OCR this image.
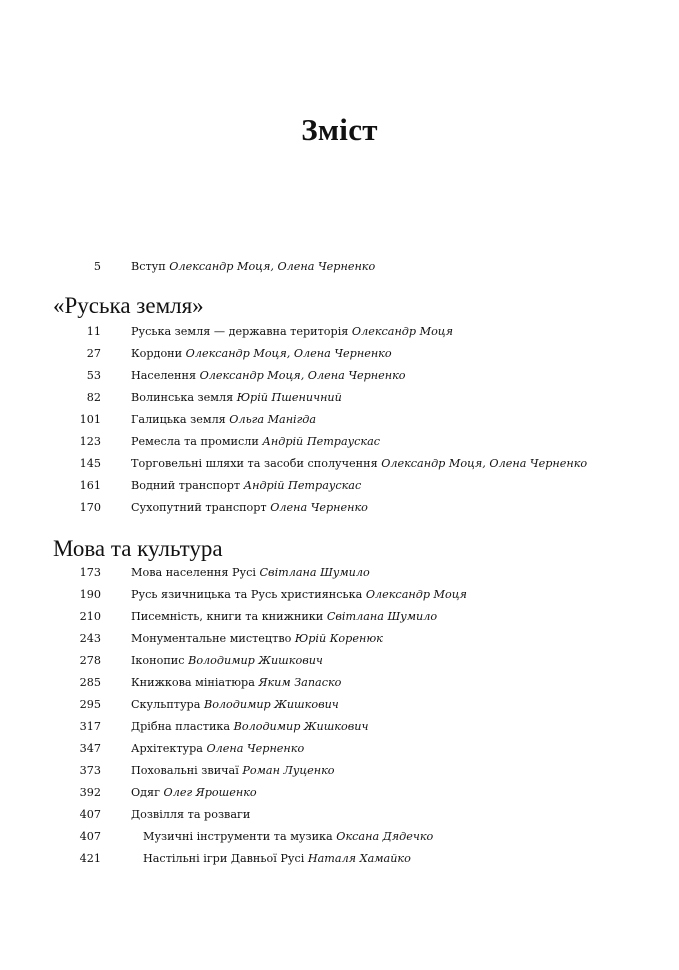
Зміст
5	Вступ Олександр Моця, Олена Черненко
«Руська земля»
11	Руська земля — державна територія Олександр Моця
27	Кордони Олександр Моця, Олена Черненко
53	Населення Олександр Моця, Олена Черненко
82	Волинська земля Юрій Пшеничний
101	Галицька земля Ольга Манігда
123	Ремесла та промисли Андрій Петраускас
145	Торговельні шляхи та засоби сполучення Олександр Моця, Олена Черненко
161	Водний транспорт Андрій Петраускас
170	Сухопутний транспорт Олена Черненко
Мова та культура
173	Мова населення Русі Світлана Шумило
190	Русь язичницька та Русь християнська Олександр Моця
210	Писемність, книги та книжники Світлана Шумило
243	Монументальне мистецтво Юрій Коренюк
278	Іконопис Володимир Жишкович
285	Книжкова мініатюра Яким Запаско
295	Скульптура Володимир Жишкович
317	Дрібна пластика Володимир Жишкович
347	Архітектура Олена Черненко
373	Поховальні звичаї Роман Луценко
392	Одяг Олег Ярошенко
407	Дозвілля та розваги
407	Музичні інструменти та музика Оксана Дядечко
421	Настільні ігри Давньої Русі Наталя Хамайко
